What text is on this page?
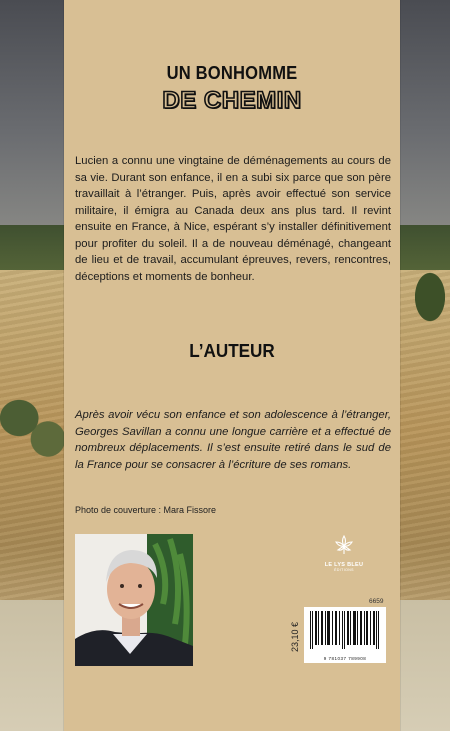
UN BONHOMME
DE CHEMIN

Lucien a connu une vingtaine de déménagements au cours de sa vie. Durant son enfance, il en a subi six parce que son père travaillait à l’étranger. Puis, après avoir effectué son service militaire, il émigra au Canada deux ans plus tard. Il revint ensuite en France, à Nice, espérant s’y installer définitivement pour profiter du soleil. Il a de nouveau déménagé, changeant de lieu et de travail, accumulant épreuves, revers, rencontres, déceptions et moments de bonheur.

L’AUTEUR

Après avoir vécu son enfance et son adolescence à l’étranger, Georges Savillan a connu une longue carrière et a effectué de nombreux déplacements. Il s’est ensuite retiré dans le sud de la France pour se consacrer à l’écriture de ses romans.

Photo de couverture : Mara Fissore
LE LYS BLEU
ÉDITIONS
6659
23,10 €
9 781037 789908
